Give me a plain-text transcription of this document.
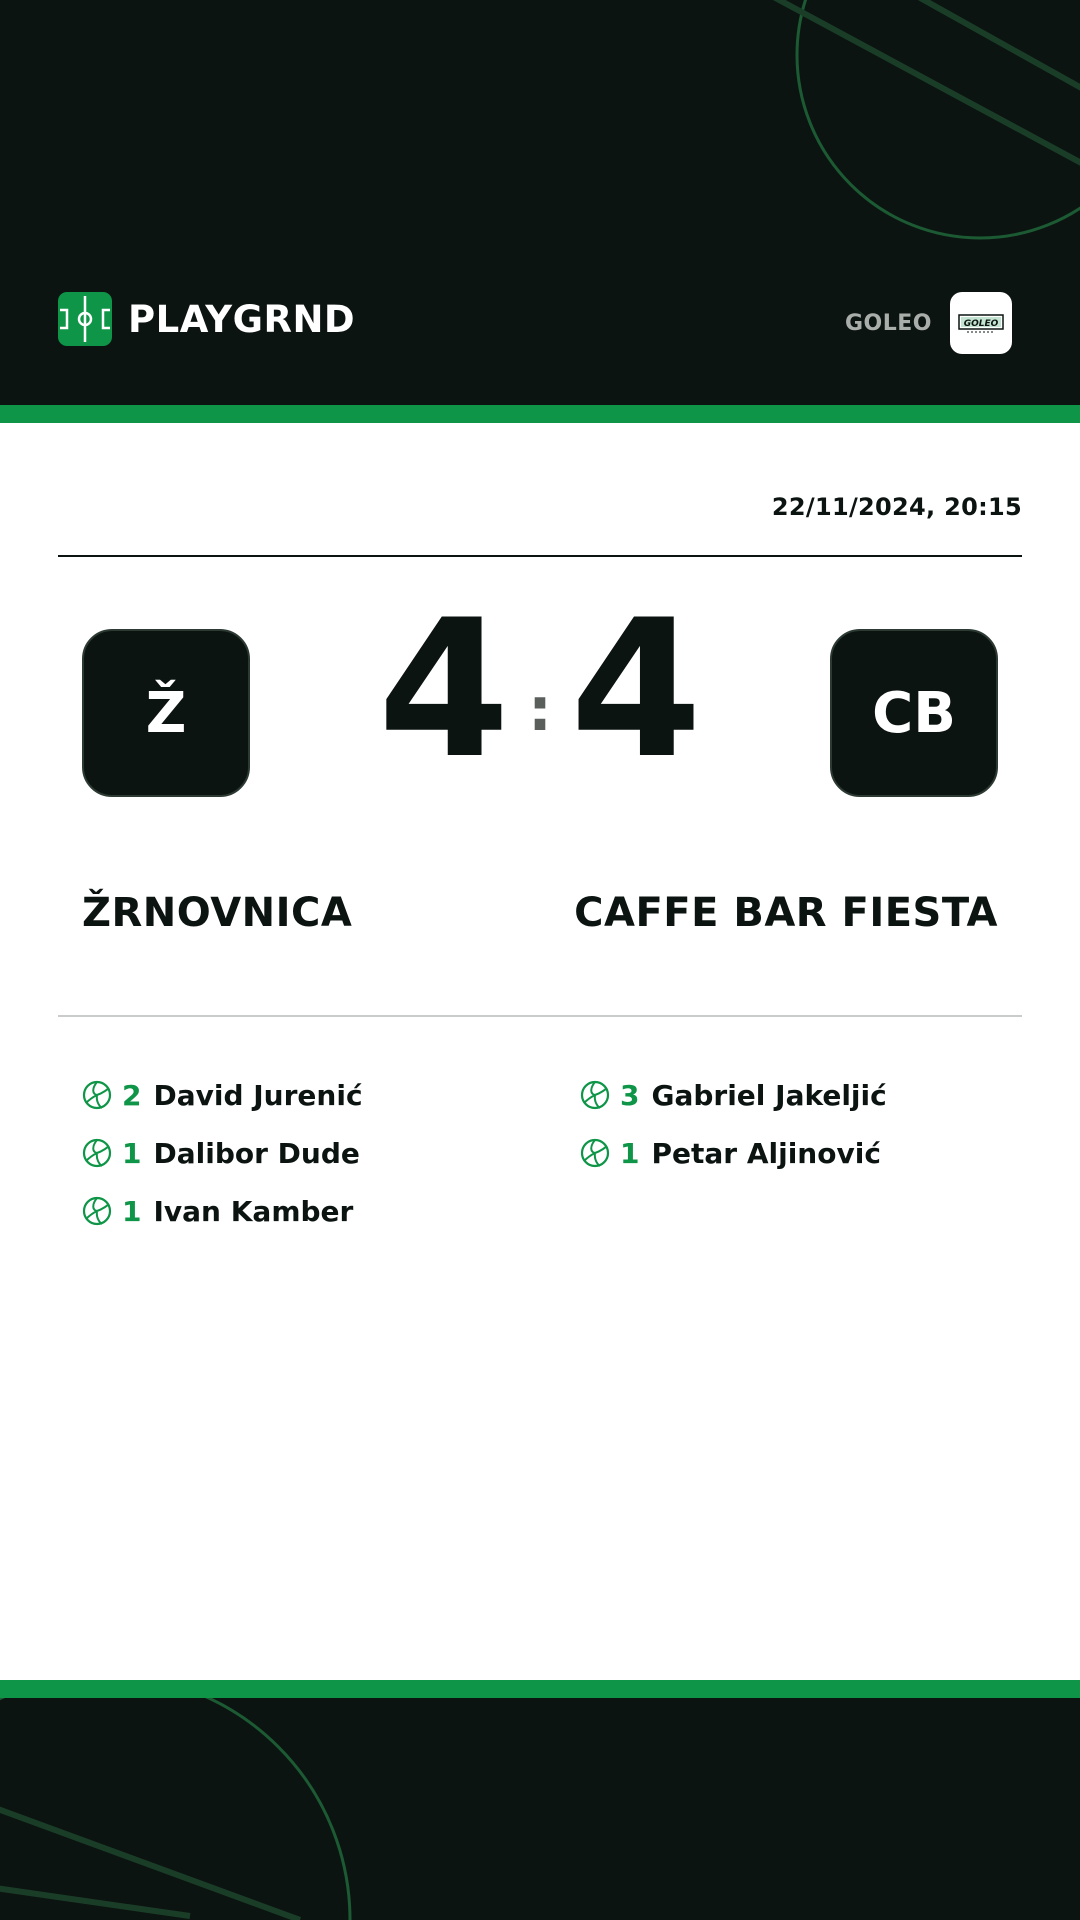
PLAYGRND	GOLEO	GOLEO
22/11/2024, 20:15
Ž	4 : 4	CB
ŽRNOVNICA	CAFFE BAR FIESTA
2 David Jurenić
1 Dalibor Dude
1 Ivan Kamber
3 Gabriel Jakeljić
1 Petar Aljinović
